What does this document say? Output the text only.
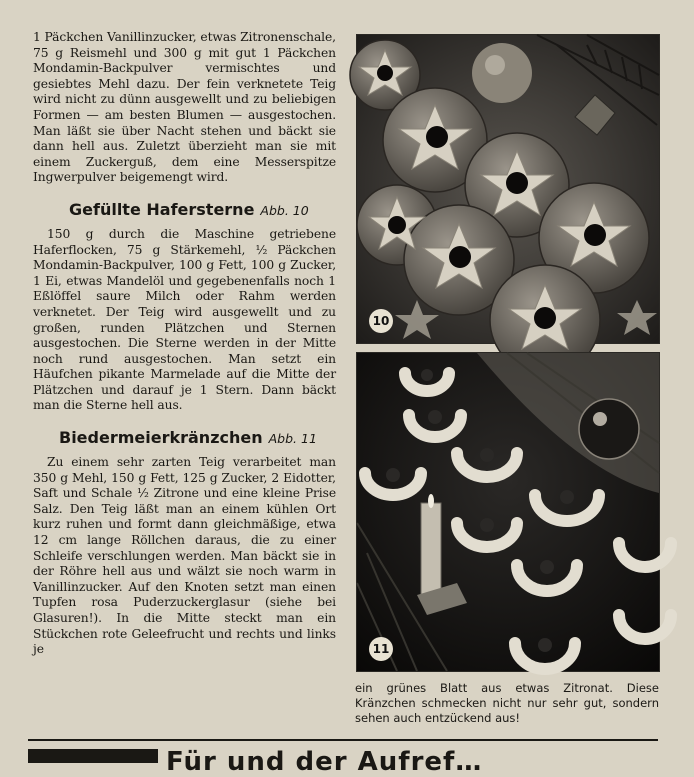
1 Päckchen Vanillinzucker, etwas Zitronenschale, 75 g Reismehl und 300 g mit gut 1 Päckchen Mondamin-Backpulver vermischtes und gesiebtes Mehl dazu. Der fein verknetete Teig wird nicht zu dünn ausgewellt und zu beliebigen Formen — am besten Blumen — ausgestochen. Man läßt sie über Nacht stehen und bäckt sie dann hell aus. Zuletzt überzieht man sie mit einem Zuckerguß, dem eine Messerspitze Ingwerpulver beigemengt wird.

Gefüllte Hafersterne Abb. 10

150 g durch die Maschine getriebene Haferflocken, 75 g Stärkemehl, ½ Päckchen Mondamin-Backpulver, 100 g Fett, 100 g Zucker, 1 Ei, etwas Mandelöl und gegebenenfalls noch 1 Eßlöffel saure Milch oder Rahm werden verknetet. Der Teig wird ausgewellt und zu großen, runden Plätzchen und Sternen ausgestochen. Die Sterne werden in der Mitte noch rund ausgestochen. Man setzt ein Häufchen pikante Marmelade auf die Mitte der Plätzchen und darauf je 1 Stern. Dann bäckt man die Sterne hell aus.

Biedermeierkränzchen Abb. 11

Zu einem sehr zarten Teig verarbeitet man 350 g Mehl, 150 g Fett, 125 g Zucker, 2 Eidotter, Saft und Schale ½ Zitrone und eine kleine Prise Salz. Den Teig läßt man an einem kühlen Ort kurz ruhen und formt dann gleichmäßige, etwa 12 cm lange Röllchen daraus, die zu einer Schleife verschlungen werden. Man bäckt sie in der Röhre hell aus und wälzt sie noch warm in Vanillinzucker. Auf den Knoten setzt man einen Tupfen rosa Puderzuckerglasur (siehe bei Glasuren!). In die Mitte steckt man ein Stückchen rote Geleefrucht und rechts und links je

10
11

ein grünes Blatt aus etwas Zitronat. Diese Kränzchen schmecken nicht nur sehr gut, sondern sehen auch entzückend aus!

Für und der Aufref…
